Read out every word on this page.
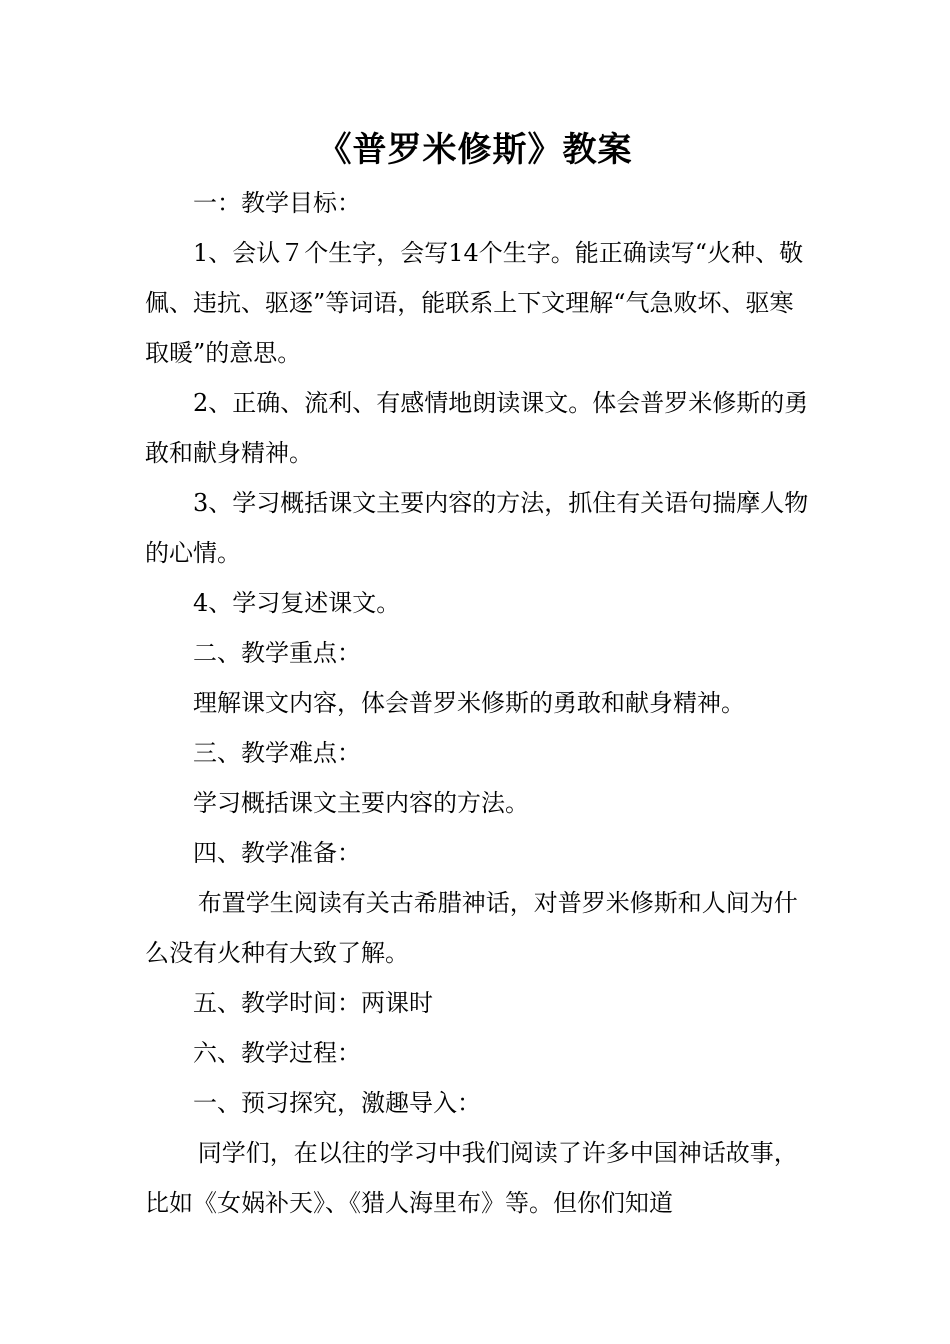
《普罗米修斯》教案

一：教学目标：

1、会认７个生字，会写14个生字。能正确读写“火种、敬佩、违抗、驱逐”等词语，能联系上下文理解“气急败坏、驱寒取暖”的意思。

2、正确、流利、有感情地朗读课文。体会普罗米修斯的勇敢和献身精神。

3、学习概括课文主要内容的方法，抓住有关语句揣摩人物的心情。

4、学习复述课文。

二、教学重点：

理解课文内容，体会普罗米修斯的勇敢和献身精神。

三、教学难点：

学习概括课文主要内容的方法。

四、教学准备：

布置学生阅读有关古希腊神话，对普罗米修斯和人间为什么没有火种有大致了解。

五、教学时间：两课时

六、教学过程：

一、预习探究，激趣导入：

同学们，在以往的学习中我们阅读了许多中国神话故事，比如《女娲补天》、《猎人海里布》等。但你们知道
